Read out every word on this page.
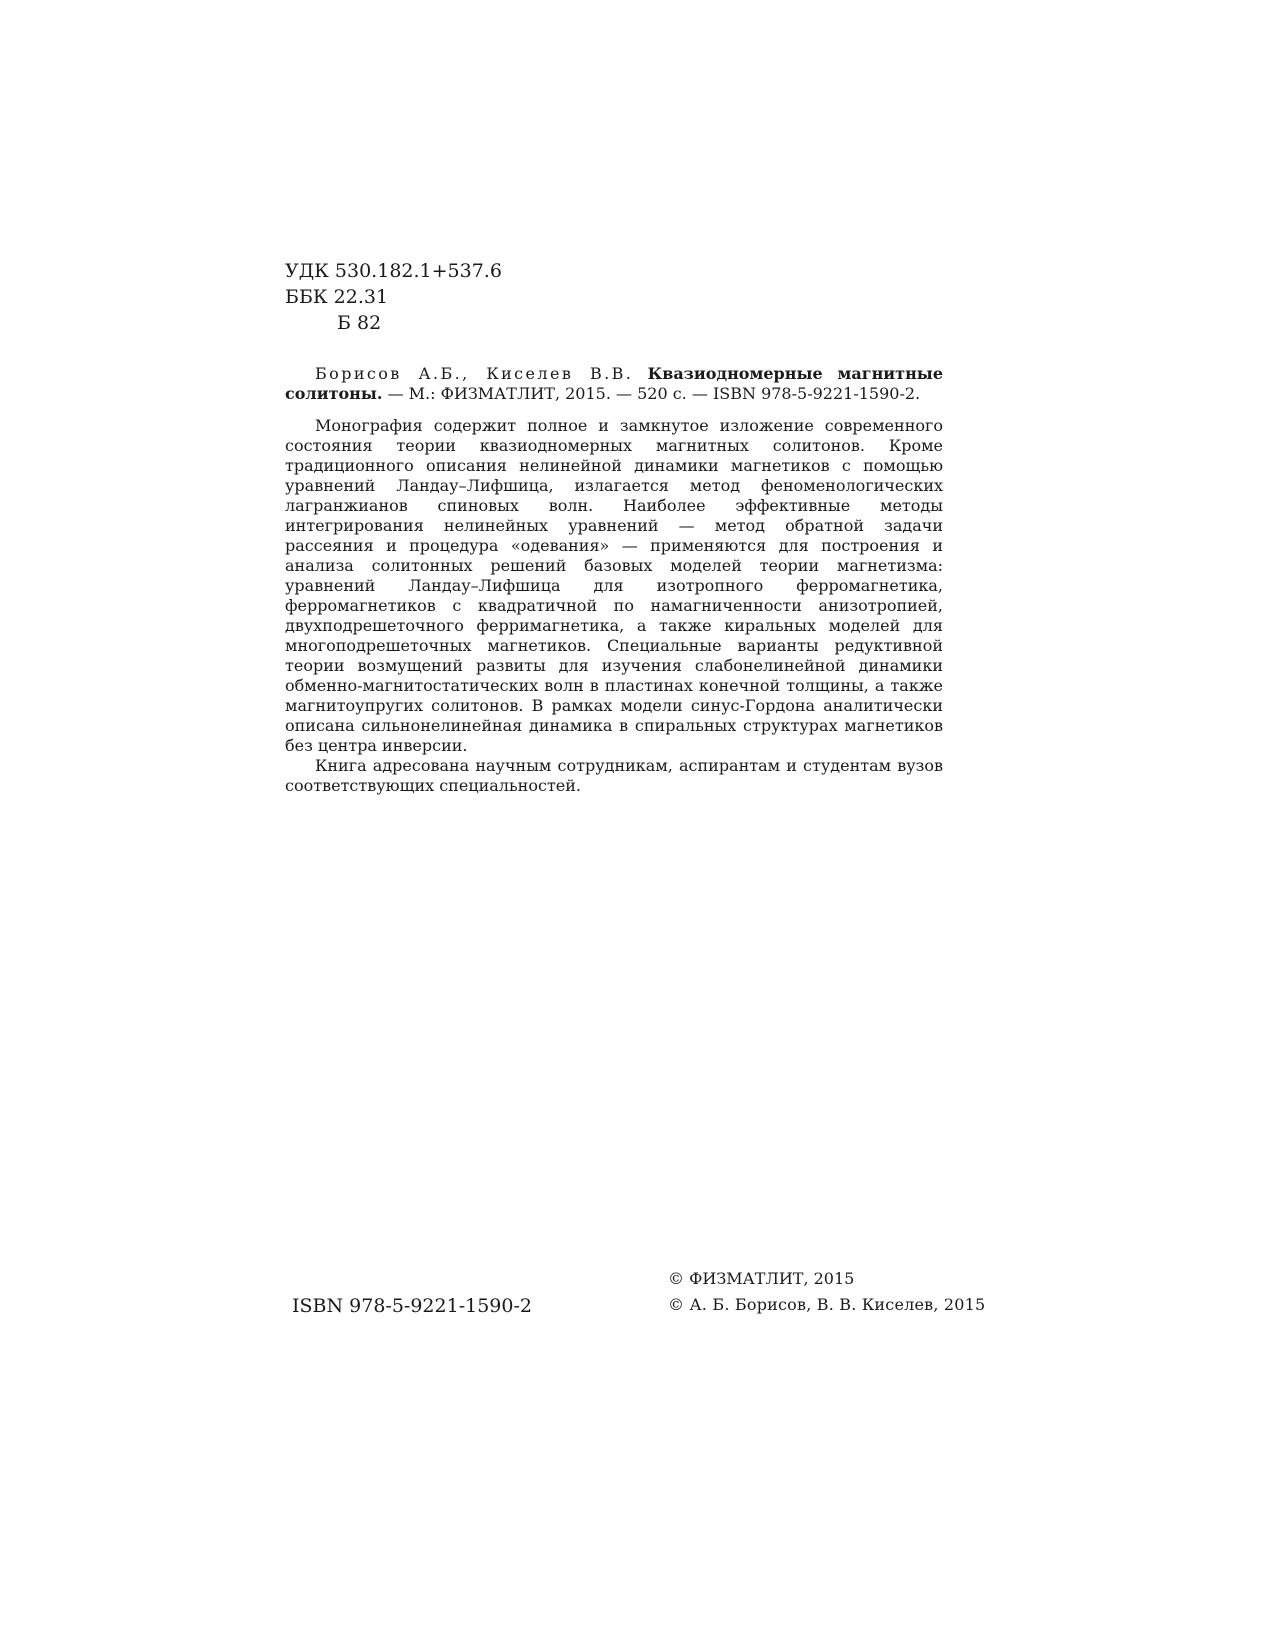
УДК 530.182.1+537.6
ББК 22.31
Б 82
Борисов А.Б., Киселев В.В. Квазиодномерные магнитные солитоны. — М.: ФИЗМАТЛИТ, 2015. — 520 с. — ISBN 978-5-9221-1590-2.

Монография содержит полное и замкнутое изложение современного состояния теории квазиодномерных магнитных солитонов. Кроме традиционного описания нелинейной динамики магнетиков с помощью уравнений Ландау–Лифшица, излагается метод феноменологических лагранжианов спиновых волн. Наиболее эффективные методы интегрирования нелинейных уравнений — метод обратной задачи рассеяния и процедура «одевания» — применяются для построения и анализа солитонных решений базовых моделей теории магнетизма: уравнений Ландау–Лифшица для изотропного ферромагнетика, ферромагнетиков с квадратичной по намагниченности анизотропией, двухподрешеточного ферримагнетика, а также киральных моделей для многоподрешеточных магнетиков. Специальные варианты редуктивной теории возмущений развиты для изучения слабонелинейной динамики обменно-магнитостатических волн в пластинах конечной толщины, а также магнитоупругих солитонов. В рамках модели синус-Гордона аналитически описана сильнонелинейная динамика в спиральных структурах магнетиков без центра инверсии.

Книга адресована научным сотрудникам, аспирантам и студентам вузов соответствующих специальностей.

ISBN 978-5-9221-1590-2
© ФИЗМАТЛИТ, 2015
© А. Б. Борисов, В. В. Киселев, 2015
